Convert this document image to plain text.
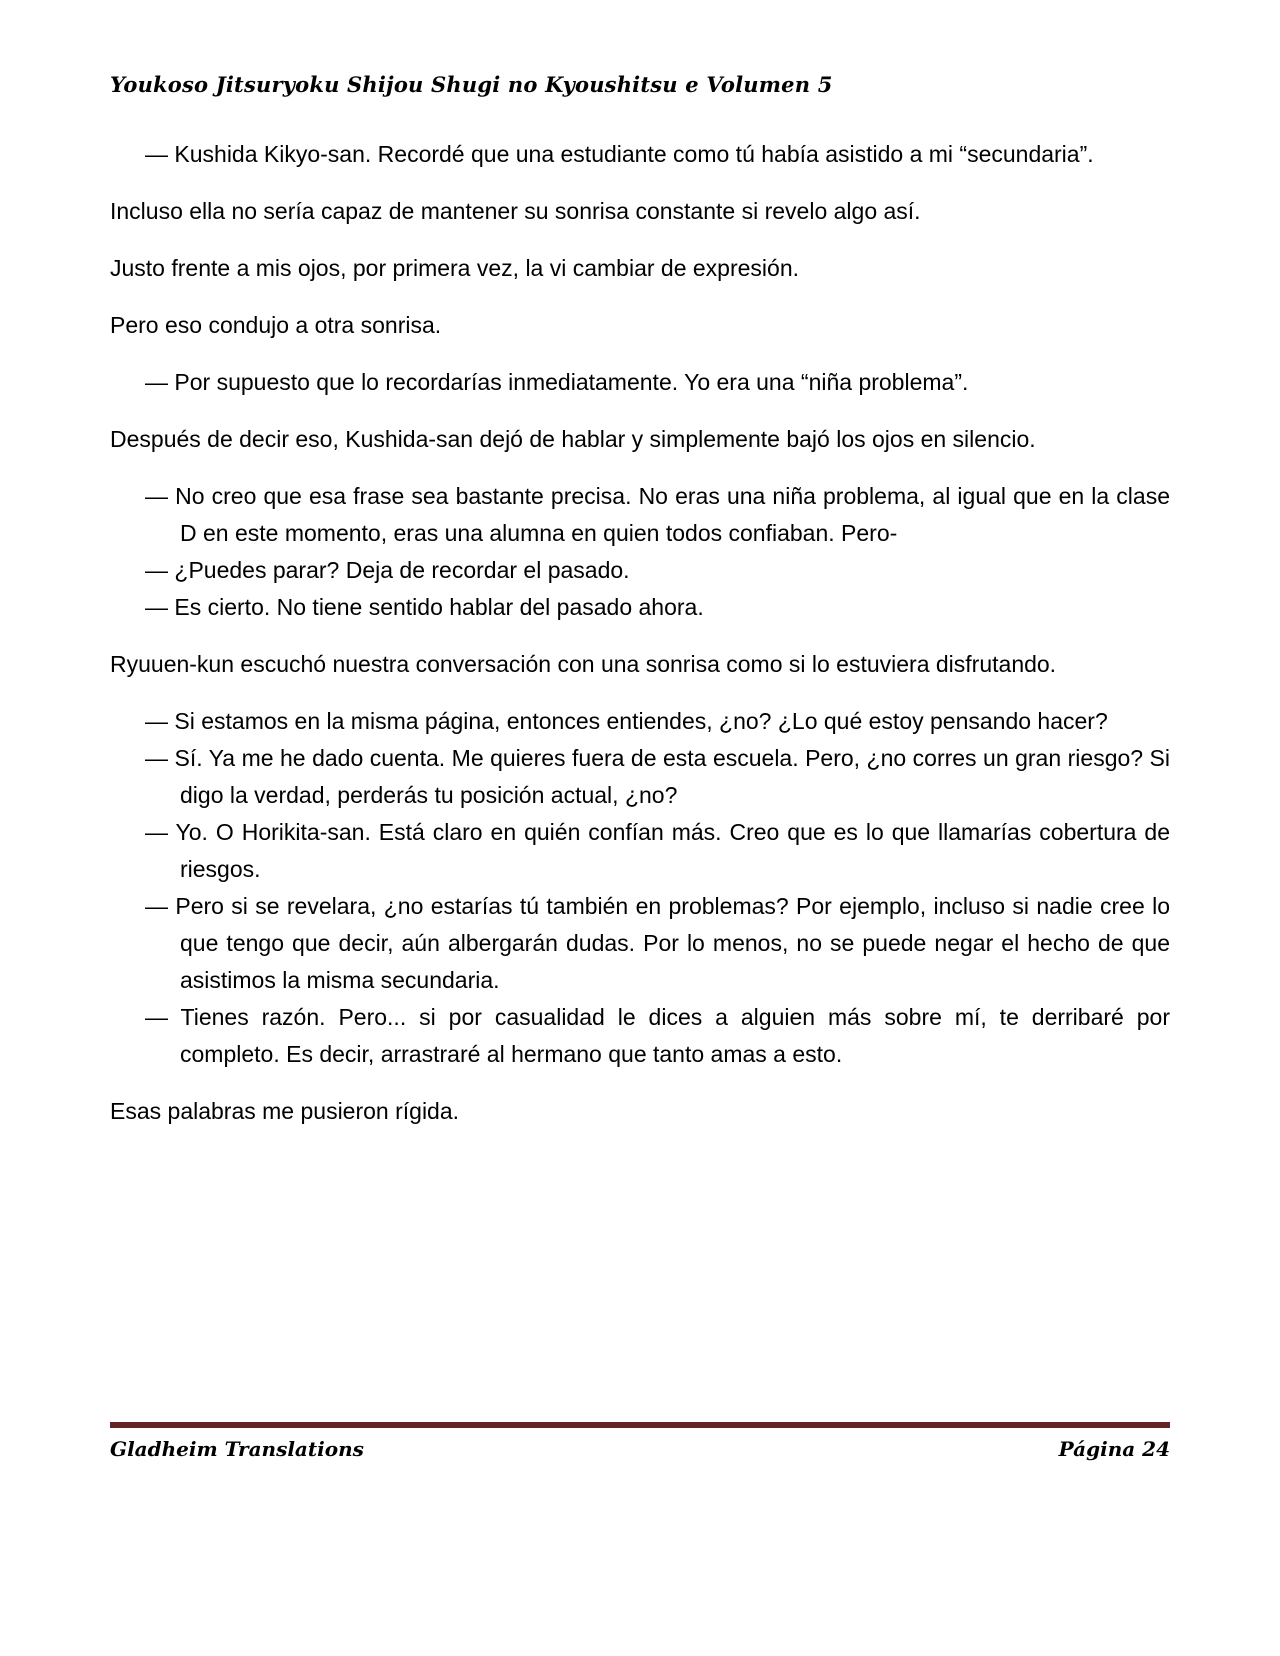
Youkoso Jitsuryoku Shijou Shugi no Kyoushitsu e Volumen 5

— Kushida Kikyo-san. Recordé que una estudiante como tú había asistido a mi “secundaria”.

Incluso ella no sería capaz de mantener su sonrisa constante si revelo algo así.

Justo frente a mis ojos, por primera vez, la vi cambiar de expresión.

Pero eso condujo a otra sonrisa.

— Por supuesto que lo recordarías inmediatamente. Yo era una “niña problema”.

Después de decir eso, Kushida-san dejó de hablar y simplemente bajó los ojos en silencio.

— No creo que esa frase sea bastante precisa. No eras una niña problema, al igual que en la clase D en este momento, eras una alumna en quien todos confiaban. Pero-

— ¿Puedes parar? Deja de recordar el pasado.

— Es cierto. No tiene sentido hablar del pasado ahora.

Ryuuen-kun escuchó nuestra conversación con una sonrisa como si lo estuviera disfrutando.

— Si estamos en la misma página, entonces entiendes, ¿no? ¿Lo qué estoy pensando hacer?

— Sí. Ya me he dado cuenta. Me quieres fuera de esta escuela. Pero, ¿no corres un gran riesgo? Si digo la verdad, perderás tu posición actual, ¿no?

— Yo. O Horikita-san. Está claro en quién confían más. Creo que es lo que llamarías cobertura de riesgos.

— Pero si se revelara, ¿no estarías tú también en problemas? Por ejemplo, incluso si nadie cree lo que tengo que decir, aún albergarán dudas. Por lo menos, no se puede negar el hecho de que asistimos la misma secundaria.

— Tienes razón. Pero... si por casualidad le dices a alguien más sobre mí, te derribaré por completo. Es decir, arrastraré al hermano que tanto amas a esto.

Esas palabras me pusieron rígida.

Gladheim Translations	Página 24
